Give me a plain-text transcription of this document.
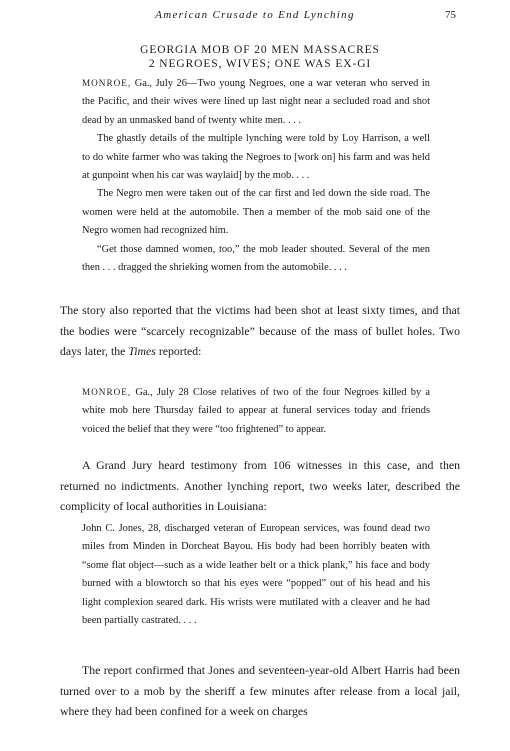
American Crusade to End Lynching	75
GEORGIA MOB OF 20 MEN MASSACRES
2 NEGROES, WIVES; ONE WAS EX-GI

MONROE, Ga., July 26—Two young Negroes, one a war veteran who served in the Pacific, and their wives were lined up last night near a secluded road and shot dead by an unmasked band of twenty white men. . . .

The ghastly details of the multiple lynching were told by Loy Harrison, a well to do white farmer who was taking the Negroes to [work on] his farm and was held at gunpoint when his car was waylaid] by the mob. . . .

The Negro men were taken out of the car first and led down the side road. The women were held at the automobile. Then a member of the mob said one of the Negro women had recognized him.

“Get those damned women, too,” the mob leader shouted. Several of the men then . . . dragged the shrieking women from the automobile. . . .

The story also reported that the victims had been shot at least sixty times, and that the bodies were “scarcely recognizable” because of the mass of bullet holes. Two days later, the Times reported:

MONROE, Ga., July 28 Close relatives of two of the four Negroes killed by a white mob here Thursday failed to appear at funeral services today and friends voiced the belief that they were “too frightened” to appear.

A Grand Jury heard testimony from 106 witnesses in this case, and then returned no indictments. Another lynching report, two weeks later, described the complicity of local authorities in Louisiana:

John C. Jones, 28, discharged veteran of European services, was found dead two miles from Minden in Dorcheat Bayou. His body had been horribly beaten with “some flat object—such as a wide leather belt or a thick plank,” his face and body burned with a blowtorch so that his eyes were “popped” out of his head and his light complexion seared dark. His wrists were mutilated with a cleaver and he had been partially castrated. . . .

The report confirmed that Jones and seventeen-year-old Albert Harris had been turned over to a mob by the sheriff a few minutes after release from a local jail, where they had been confined for a week on charges
